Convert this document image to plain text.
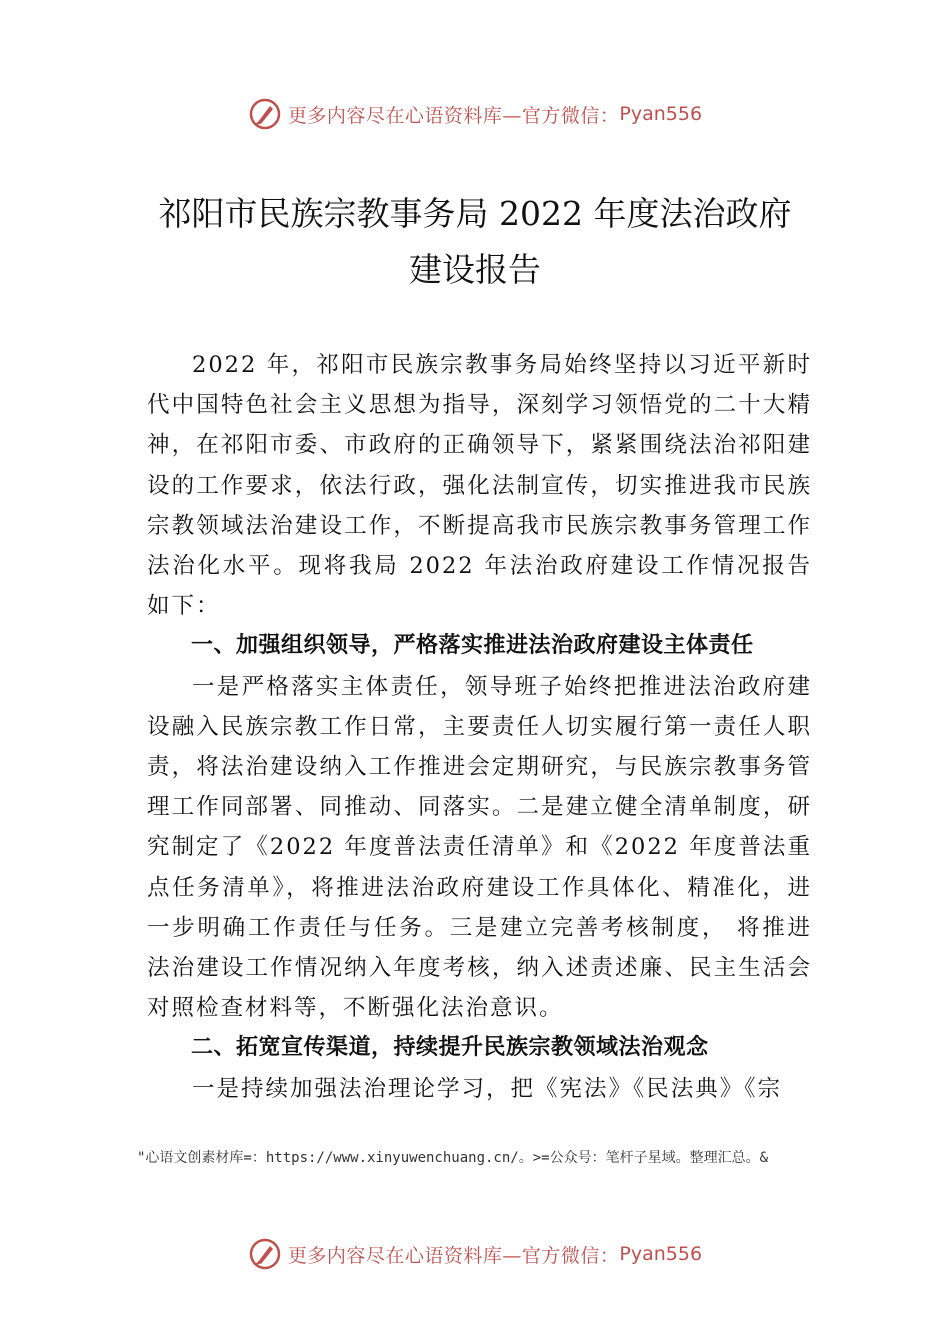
更多内容尽在心语资料库—官方微信： Pyan556
祁阳市民族宗教事务局 2022 年度法治政府
建设报告

2022 年，祁阳市民族宗教事务局始终坚持以习近平新时代中国特色社会主义思想为指导，深刻学习领悟党的二十大精神，在祁阳市委、市政府的正确领导下，紧紧围绕法治祁阳建设的工作要求，依法行政，强化法制宣传，切实推进我市民族宗教领域法治建设工作，不断提高我市民族宗教事务管理工作法治化水平。现将我局 2022 年法治政府建设工作情况报告如下：

一、加强组织领导，严格落实推进法治政府建设主体责任

一是严格落实主体责任，领导班子始终把推进法治政府建设融入民族宗教工作日常，主要责任人切实履行第一责任人职责，将法治建设纳入工作推进会定期研究，与民族宗教事务管理工作同部署、同推动、同落实。二是建立健全清单制度，研究制定了《2022 年度普法责任清单》和《2022 年度普法重点任务清单》，将推进法治政府建设工作具体化、精准化，进一步明确工作责任与任务。三是建立完善考核制度， 将推进法治建设工作情况纳入年度考核，纳入述责述廉、民主生活会对照检查材料等，不断强化法治意识。

二、拓宽宣传渠道，持续提升民族宗教领域法治观念

一是持续加强法治理论学习，把《宪法》《民法典》《宗

"心语文创素材库=：https://www.xinyuwenchuang.cn/。>=公众号：笔杆子星域。整理汇总。&
更多内容尽在心语资料库—官方微信： Pyan556
